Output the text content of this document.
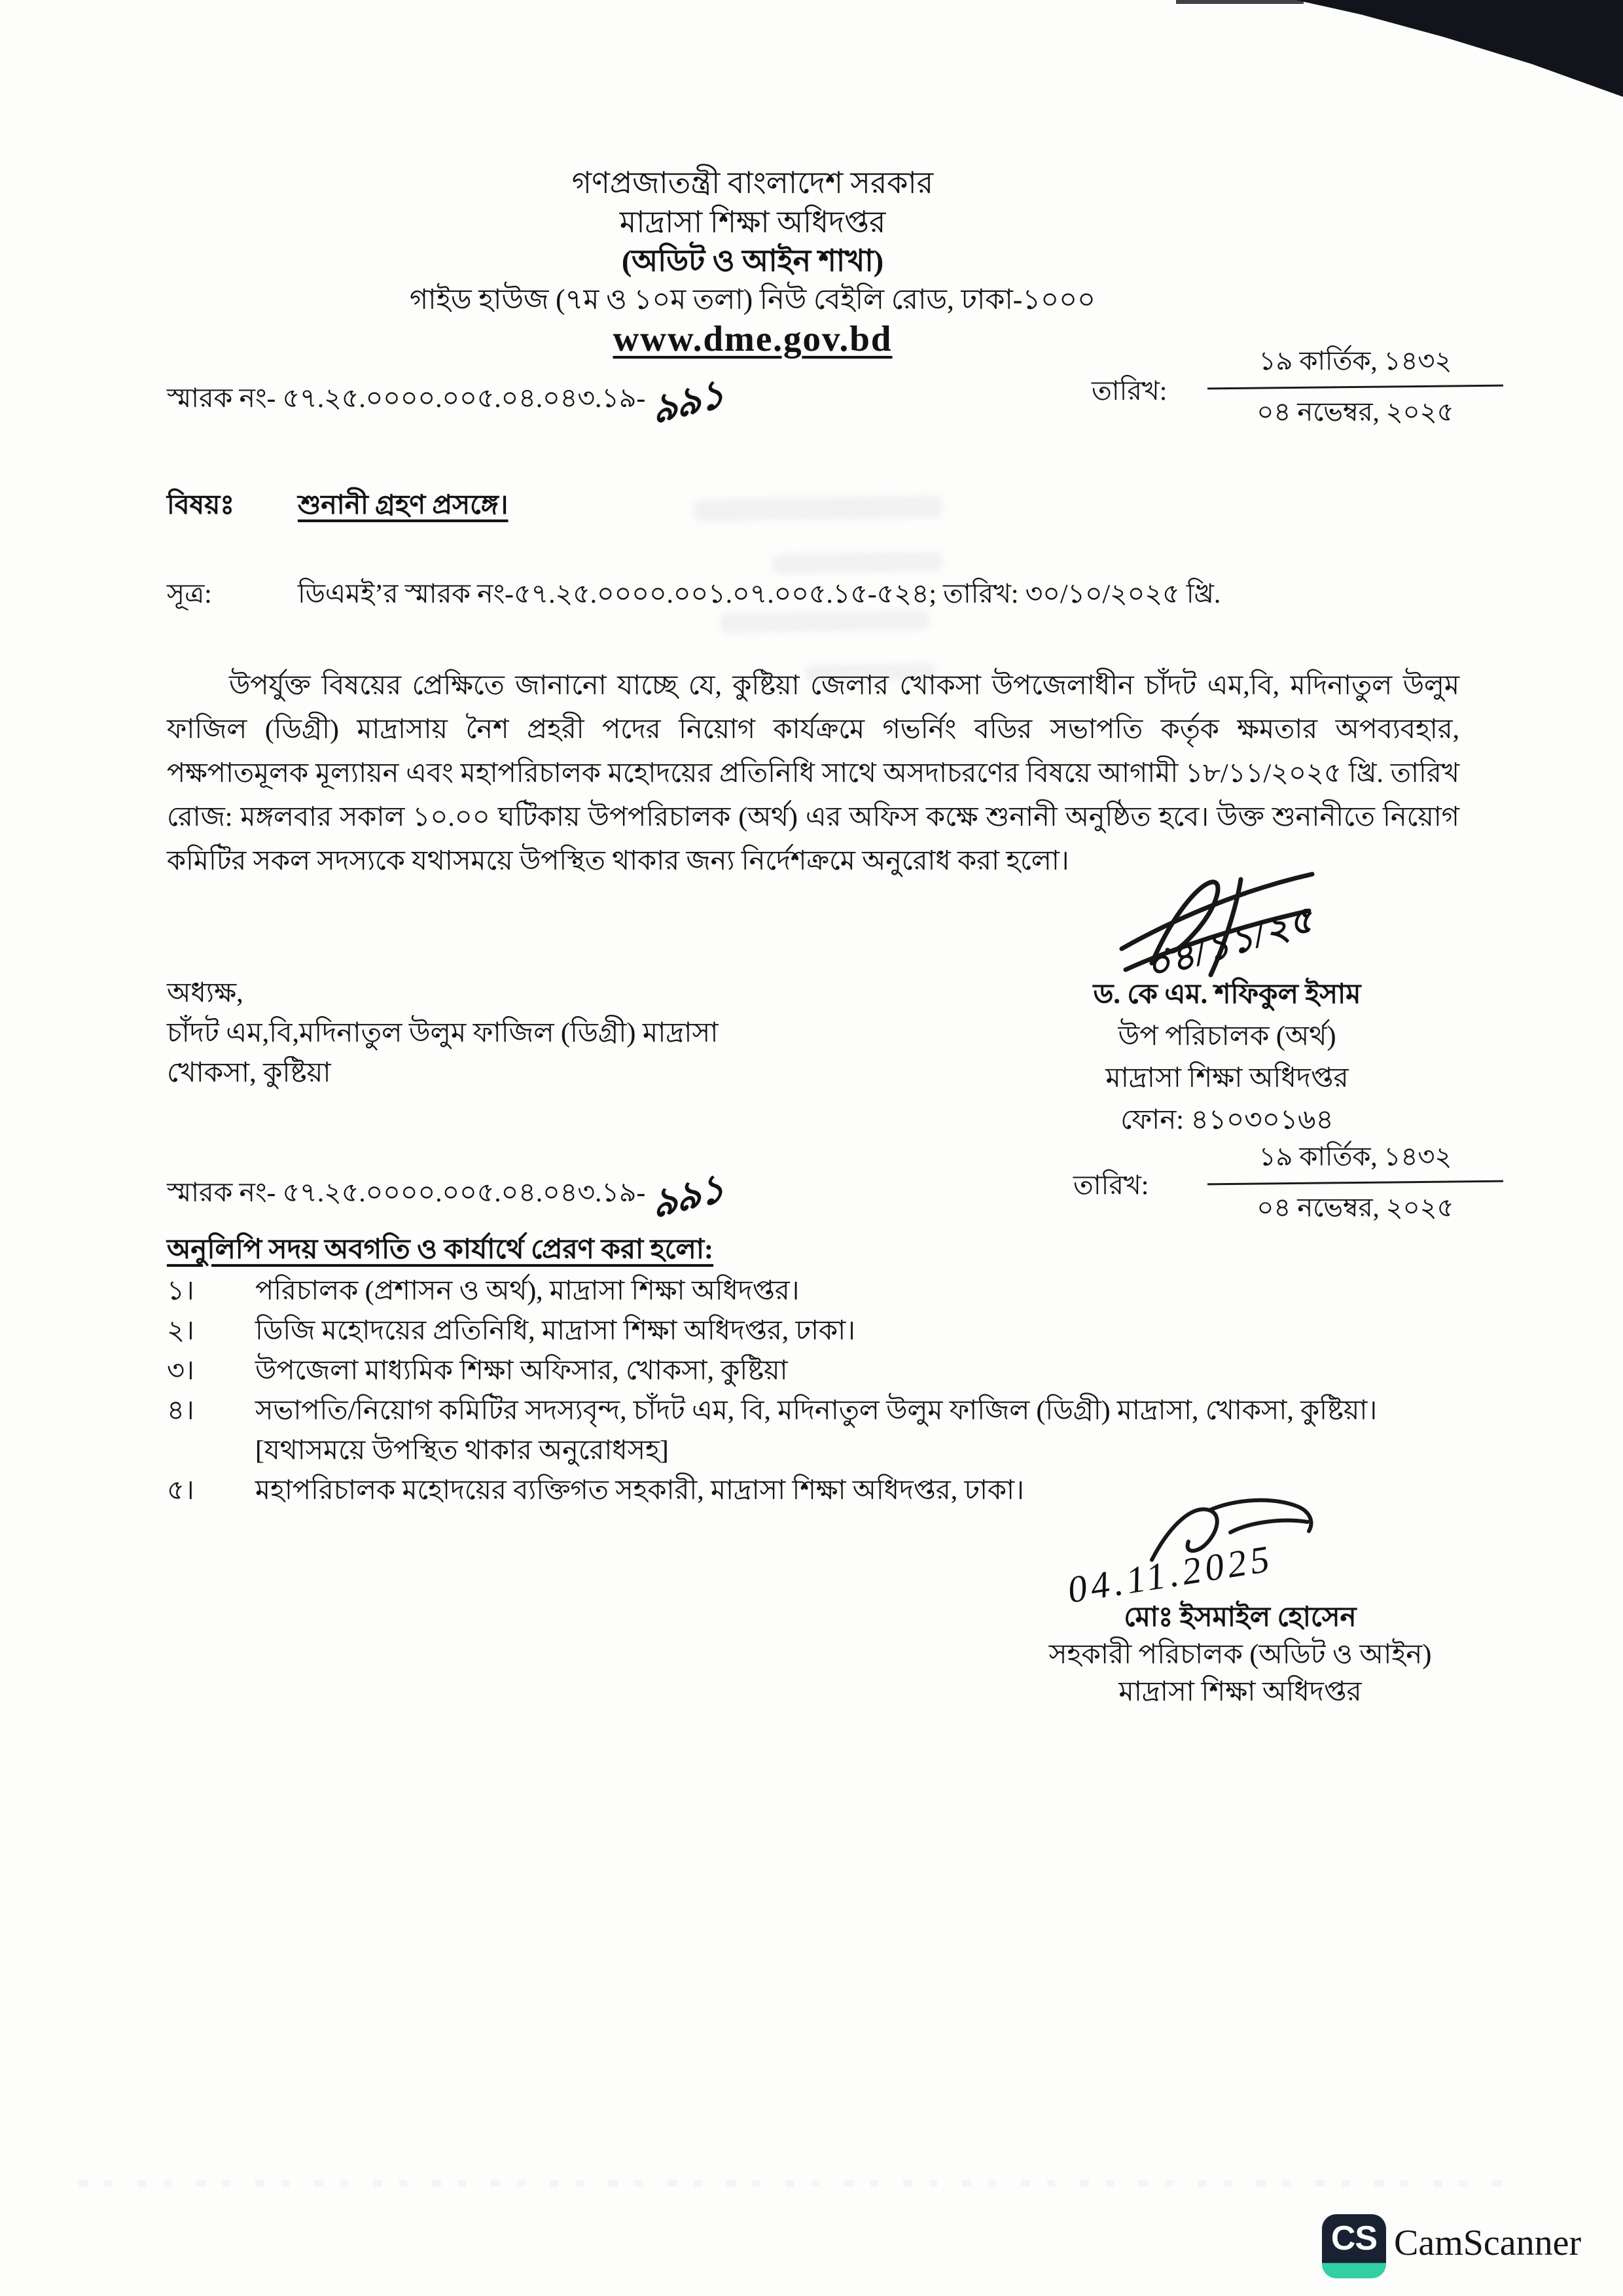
গণপ্রজাতন্ত্রী বাংলাদেশ সরকার
মাদ্রাসা শিক্ষা অধিদপ্তর
(অডিট ও আইন শাখা)
গাইড হাউজ (৭ম ও ১০ম তলা) নিউ বেইলি রোড, ঢাকা-১০০০
www.dme.gov.bd
স্মারক নং- ৫৭.২৫.০০০০.০০৫.০৪.০৪৩.১৯- ৯৯১	তারিখ:
১৯ কার্তিক, ১৪৩২
০৪ নভেম্বর, ২০২৫
বিষয়ঃ শুনানী গ্রহণ প্রসঙ্গে।
সূত্র:	ডিএমই’র স্মারক নং-৫৭.২৫.০০০০.০০১.০৭.০০৫.১৫-৫২৪; তারিখ: ৩০/১০/২০২৫ খ্রি.

উপর্যুক্ত বিষয়ের প্রেক্ষিতে জানানো যাচ্ছে যে, কুষ্টিয়া জেলার খোকসা উপজেলাধীন চাঁদট এম,বি, মদিনাতুল উলুম ফাজিল (ডিগ্রী) মাদ্রাসায় নৈশ প্রহরী পদের নিয়োগ কার্যক্রমে গভর্নিং বডির সভাপতি কর্তৃক ক্ষমতার অপব্যবহার, পক্ষপাতমূলক মূল্যায়ন এবং মহাপরিচালক মহোদয়ের প্রতিনিধি সাথে অসদাচরণের বিষয়ে আগামী ১৮/১১/২০২৫ খ্রি. তারিখ রোজ: মঙ্গলবার সকাল ১০.০০ ঘটিকায় উপপরিচালক (অর্থ) এর অফিস কক্ষে শুনানী অনুষ্ঠিত হবে। উক্ত শুনানীতে নিয়োগ কমিটির সকল সদস্যকে যথাসময়ে উপস্থিত থাকার জন্য নির্দেশক্রমে অনুরোধ করা হলো।

০৪/১১/২৫
ড. কে এম. শফিকুল ইসাম
উপ পরিচালক (অর্থ)
মাদ্রাসা শিক্ষা অধিদপ্তর
ফোন: ৪১০৩০১৬৪
অধ্যক্ষ,
চাঁদট এম,বি,মদিনাতুল উলুম ফাজিল (ডিগ্রী) মাদ্রাসা
খোকসা, কুষ্টিয়া
স্মারক নং- ৫৭.২৫.০০০০.০০৫.০৪.০৪৩.১৯- ৯৯১	তারিখ:
১৯ কার্তিক, ১৪৩২
০৪ নভেম্বর, ২০২৫
অনুলিপি সদয় অবগতি ও কার্যার্থে প্রেরণ করা হলো:
১।	পরিচালক (প্রশাসন ও অর্থ), মাদ্রাসা শিক্ষা অধিদপ্তর।
২।	ডিজি মহোদয়ের প্রতিনিধি, মাদ্রাসা শিক্ষা অধিদপ্তর, ঢাকা।
৩।	উপজেলা মাধ্যমিক শিক্ষা অফিসার, খোকসা, কুষ্টিয়া
৪।	সভাপতি/নিয়োগ কমিটির সদস্যবৃন্দ, চাঁদট এম, বি, মদিনাতুল উলুম ফাজিল (ডিগ্রী) মাদ্রাসা, খোকসা, কুষ্টিয়া। [যথাসময়ে উপস্থিত থাকার অনুরোধসহ]
৫।	মহাপরিচালক মহোদয়ের ব্যক্তিগত সহকারী, মাদ্রাসা শিক্ষা অধিদপ্তর, ঢাকা।
04.11.2025
মোঃ ইসমাইল হোসেন
সহকারী পরিচালক (অডিট ও আইন)
মাদ্রাসা শিক্ষা অধিদপ্তর
CS CamScanner
